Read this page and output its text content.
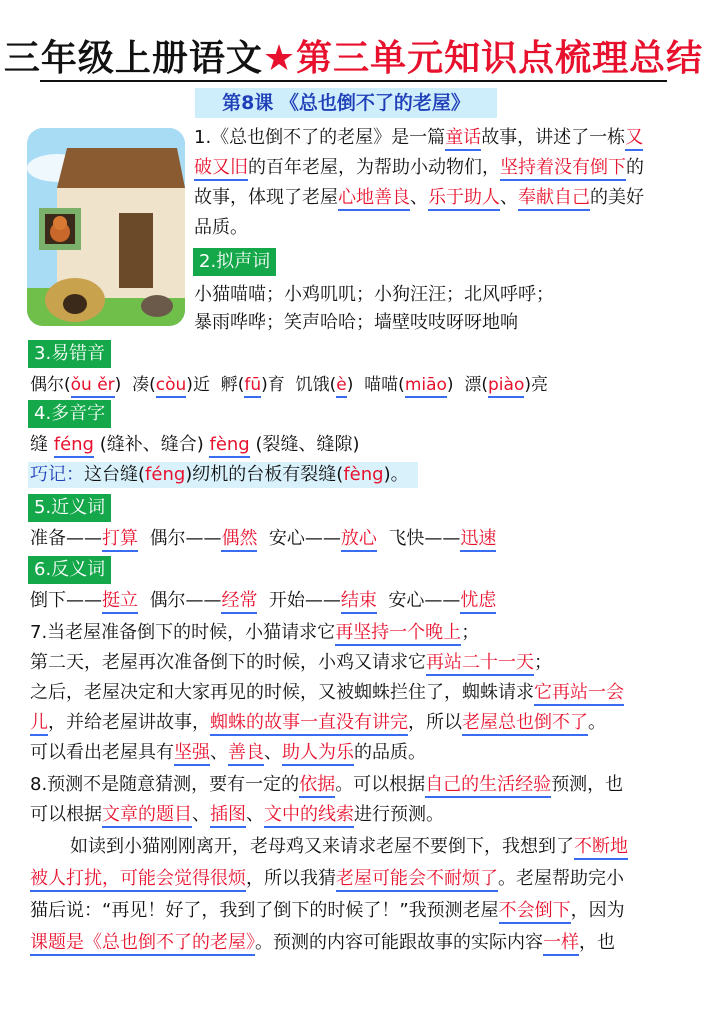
三年级上册语文★第三单元知识点梳理总结
第8课 《总也倒不了的老屋》
1.《总也倒不了的老屋》是一篇童话故事，讲述了一栋又
破又旧的百年老屋，为帮助小动物们，坚持着没有倒下的
故事，体现了老屋心地善良、乐于助人、奉献自己的美好
品质。
2.拟声词
小猫喵喵；小鸡叽叽；小狗汪汪；北风呼呼；
暴雨哗哗；笑声哈哈；墙壁吱吱呀呀地响
3.易错音
偶尔(ǒu ěr)  凑(còu)近 孵(fū)育 饥饿(è)  喵喵(miāo)  漂(piào)亮
4.多音字
缝 féng (缝补、缝合) fèng (裂缝、缝隙)
巧记：这台缝(féng)纫机的台板有裂缝(fèng)。
5.近义词
准备——打算 偶尔——偶然 安心——放心 飞快——迅速
6.反义词
倒下——挺立 偶尔——经常 开始——结束 安心——忧虑
7.当老屋准备倒下的时候，小猫请求它再坚持一个晚上；
第二天，老屋再次准备倒下的时候，小鸡又请求它再站二十一天；
之后，老屋决定和大家再见的时候，又被蜘蛛拦住了，蜘蛛请求它再站一会
儿，并给老屋讲故事，蜘蛛的故事一直没有讲完，所以老屋总也倒不了。
可以看出老屋具有坚强、善良、助人为乐的品质。
8.预测不是随意猜测，要有一定的依据。可以根据自己的生活经验预测，也
可以根据文章的题目、插图、文中的线索进行预测。
如读到小猫刚刚离开，老母鸡又来请求老屋不要倒下，我想到了不断地
被人打扰，可能会觉得很烦，所以我猜老屋可能会不耐烦了。老屋帮助完小
猫后说：“再见！好了，我到了倒下的时候了！”我预测老屋不会倒下，因为
课题是《总也倒不了的老屋》。预测的内容可能跟故事的实际内容一样，也
